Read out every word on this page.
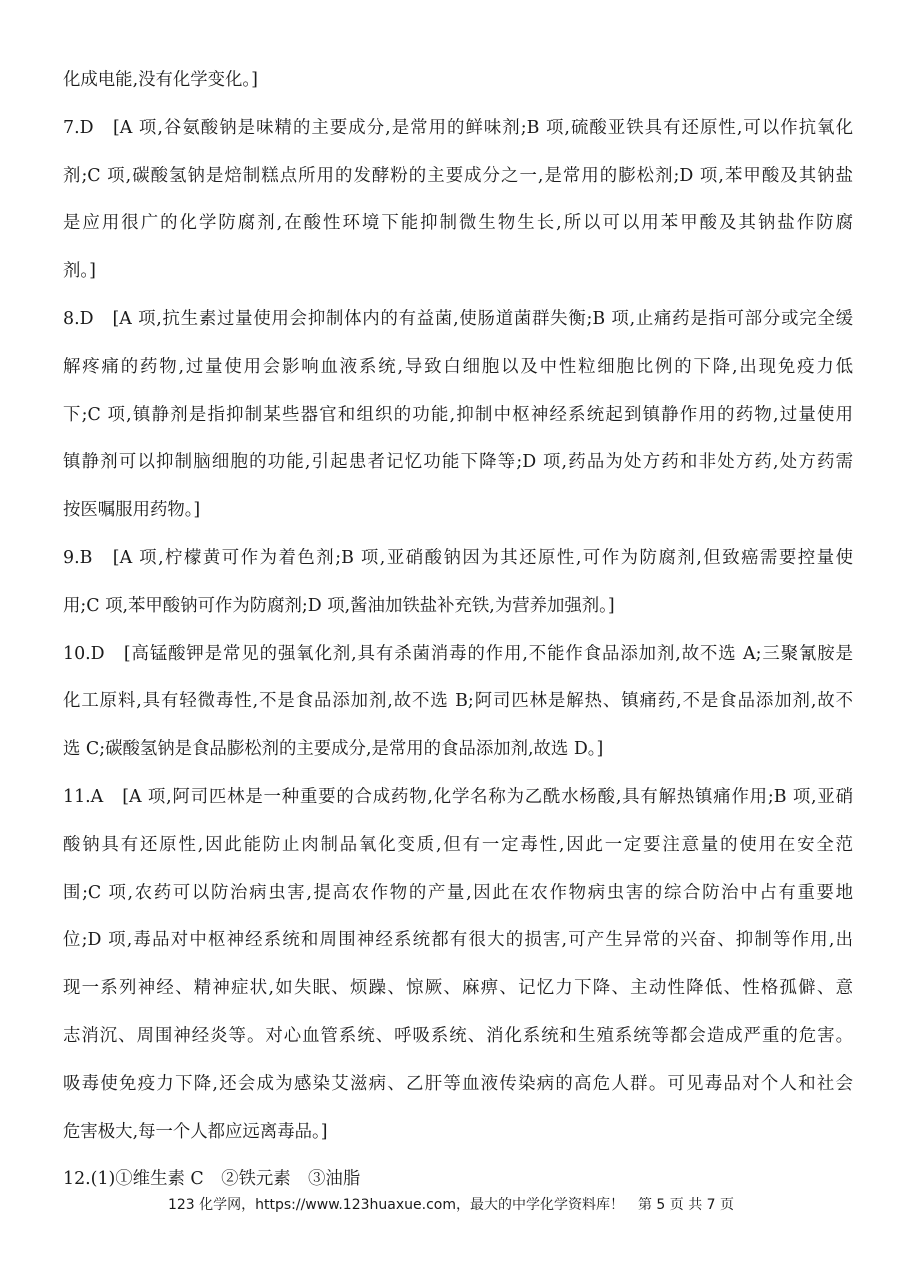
化成电能,没有化学变化。]
7.D　[A 项,谷氨酸钠是味精的主要成分,是常用的鲜味剂;B 项,硫酸亚铁具有还原性,可以作抗氧化
剂;C 项,碳酸氢钠是焙制糕点所用的发酵粉的主要成分之一,是常用的膨松剂;D 项,苯甲酸及其钠盐
是应用很广的化学防腐剂,在酸性环境下能抑制微生物生长,所以可以用苯甲酸及其钠盐作防腐
剂。]
8.D　[A 项,抗生素过量使用会抑制体内的有益菌,使肠道菌群失衡;B 项,止痛药是指可部分或完全缓
解疼痛的药物,过量使用会影响血液系统,导致白细胞以及中性粒细胞比例的下降,出现免疫力低
下;C 项,镇静剂是指抑制某些器官和组织的功能,抑制中枢神经系统起到镇静作用的药物,过量使用
镇静剂可以抑制脑细胞的功能,引起患者记忆功能下降等;D 项,药品为处方药和非处方药,处方药需
按医嘱服用药物。]
9.B　[A 项,柠檬黄可作为着色剂;B 项,亚硝酸钠因为其还原性,可作为防腐剂,但致癌需要控量使
用;C 项,苯甲酸钠可作为防腐剂;D 项,酱油加铁盐补充铁,为营养加强剂。]
10.D　[高锰酸钾是常见的强氧化剂,具有杀菌消毒的作用,不能作食品添加剂,故不选 A;三聚氰胺是
化工原料,具有轻微毒性,不是食品添加剂,故不选 B;阿司匹林是解热、镇痛药,不是食品添加剂,故不
选 C;碳酸氢钠是食品膨松剂的主要成分,是常用的食品添加剂,故选 D。]
11.A　[A 项,阿司匹林是一种重要的合成药物,化学名称为乙酰水杨酸,具有解热镇痛作用;B 项,亚硝
酸钠具有还原性,因此能防止肉制品氧化变质,但有一定毒性,因此一定要注意量的使用在安全范
围;C 项,农药可以防治病虫害,提高农作物的产量,因此在农作物病虫害的综合防治中占有重要地
位;D 项,毒品对中枢神经系统和周围神经系统都有很大的损害,可产生异常的兴奋、抑制等作用,出
现一系列神经、精神症状,如失眠、烦躁、惊厥、麻痹、记忆力下降、主动性降低、性格孤僻、意
志消沉、周围神经炎等。对心血管系统、呼吸系统、消化系统和生殖系统等都会造成严重的危害。
吸毒使免疫力下降,还会成为感染艾滋病、乙肝等血液传染病的高危人群。可见毒品对个人和社会
危害极大,每一个人都应远离毒品。]
12.(1)①维生素 C　②铁元素　③油脂
123 化学网，https://www.123huaxue.com，最大的中学化学资料库！　第 5 页 共 7 页
